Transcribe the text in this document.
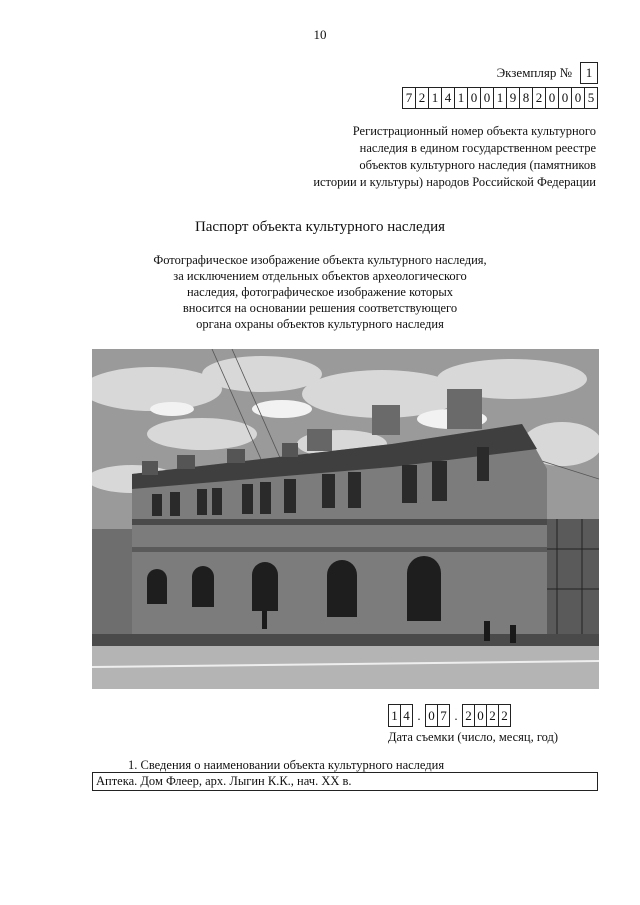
10
Экземпляр №	1
7 2 1 4 1 0 0 1 9 8 2 0 0 0 5
Регистрационный номер объекта культурного
наследия в едином государственном реестре
объектов культурного наследия (памятников
истории и культуры) народов Российской Федерации
Паспорт объекта культурного наследия
Фотографическое изображение объекта культурного наследия,
за исключением отдельных объектов археологического
наследия, фотографическое изображение которых
вносится на основании решения соответствующего
органа охраны объектов культурного наследия
1 4 . 0 7 . 2 0 2 2
Дата съемки (число, месяц, год)
1. Сведения о наименовании объекта культурного наследия
Аптека. Дом Флеер, арх. Лыгин К.К., нач. XX в.
